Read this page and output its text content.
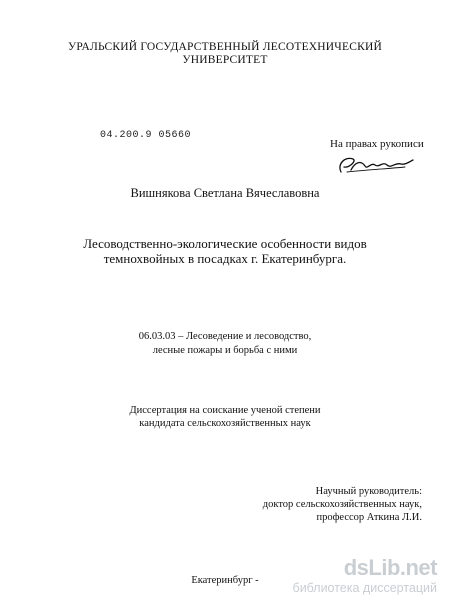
УРАЛЬСКИЙ ГОСУДАРСТВЕННЫЙ ЛЕСОТЕХНИЧЕСКИЙ
УНИВЕРСИТЕТ
04.200.9 05660
На правах рукописи
Вишнякова Светлана Вячеславовна
Лесоводственно-экологические особенности видов
темнохвойных в посадках г. Екатеринбурга.
06.03.03 – Лесоведение и лесоводство,
лесные пожары и борьба с ними
Диссертация на соискание ученой степени
кандидата сельскохозяйственных наук
Научный руководитель:
доктор сельскохозяйственных наук,
профессор Аткина Л.И.
Екатеринбург -
dsLib.net
библиотека диссертаций
